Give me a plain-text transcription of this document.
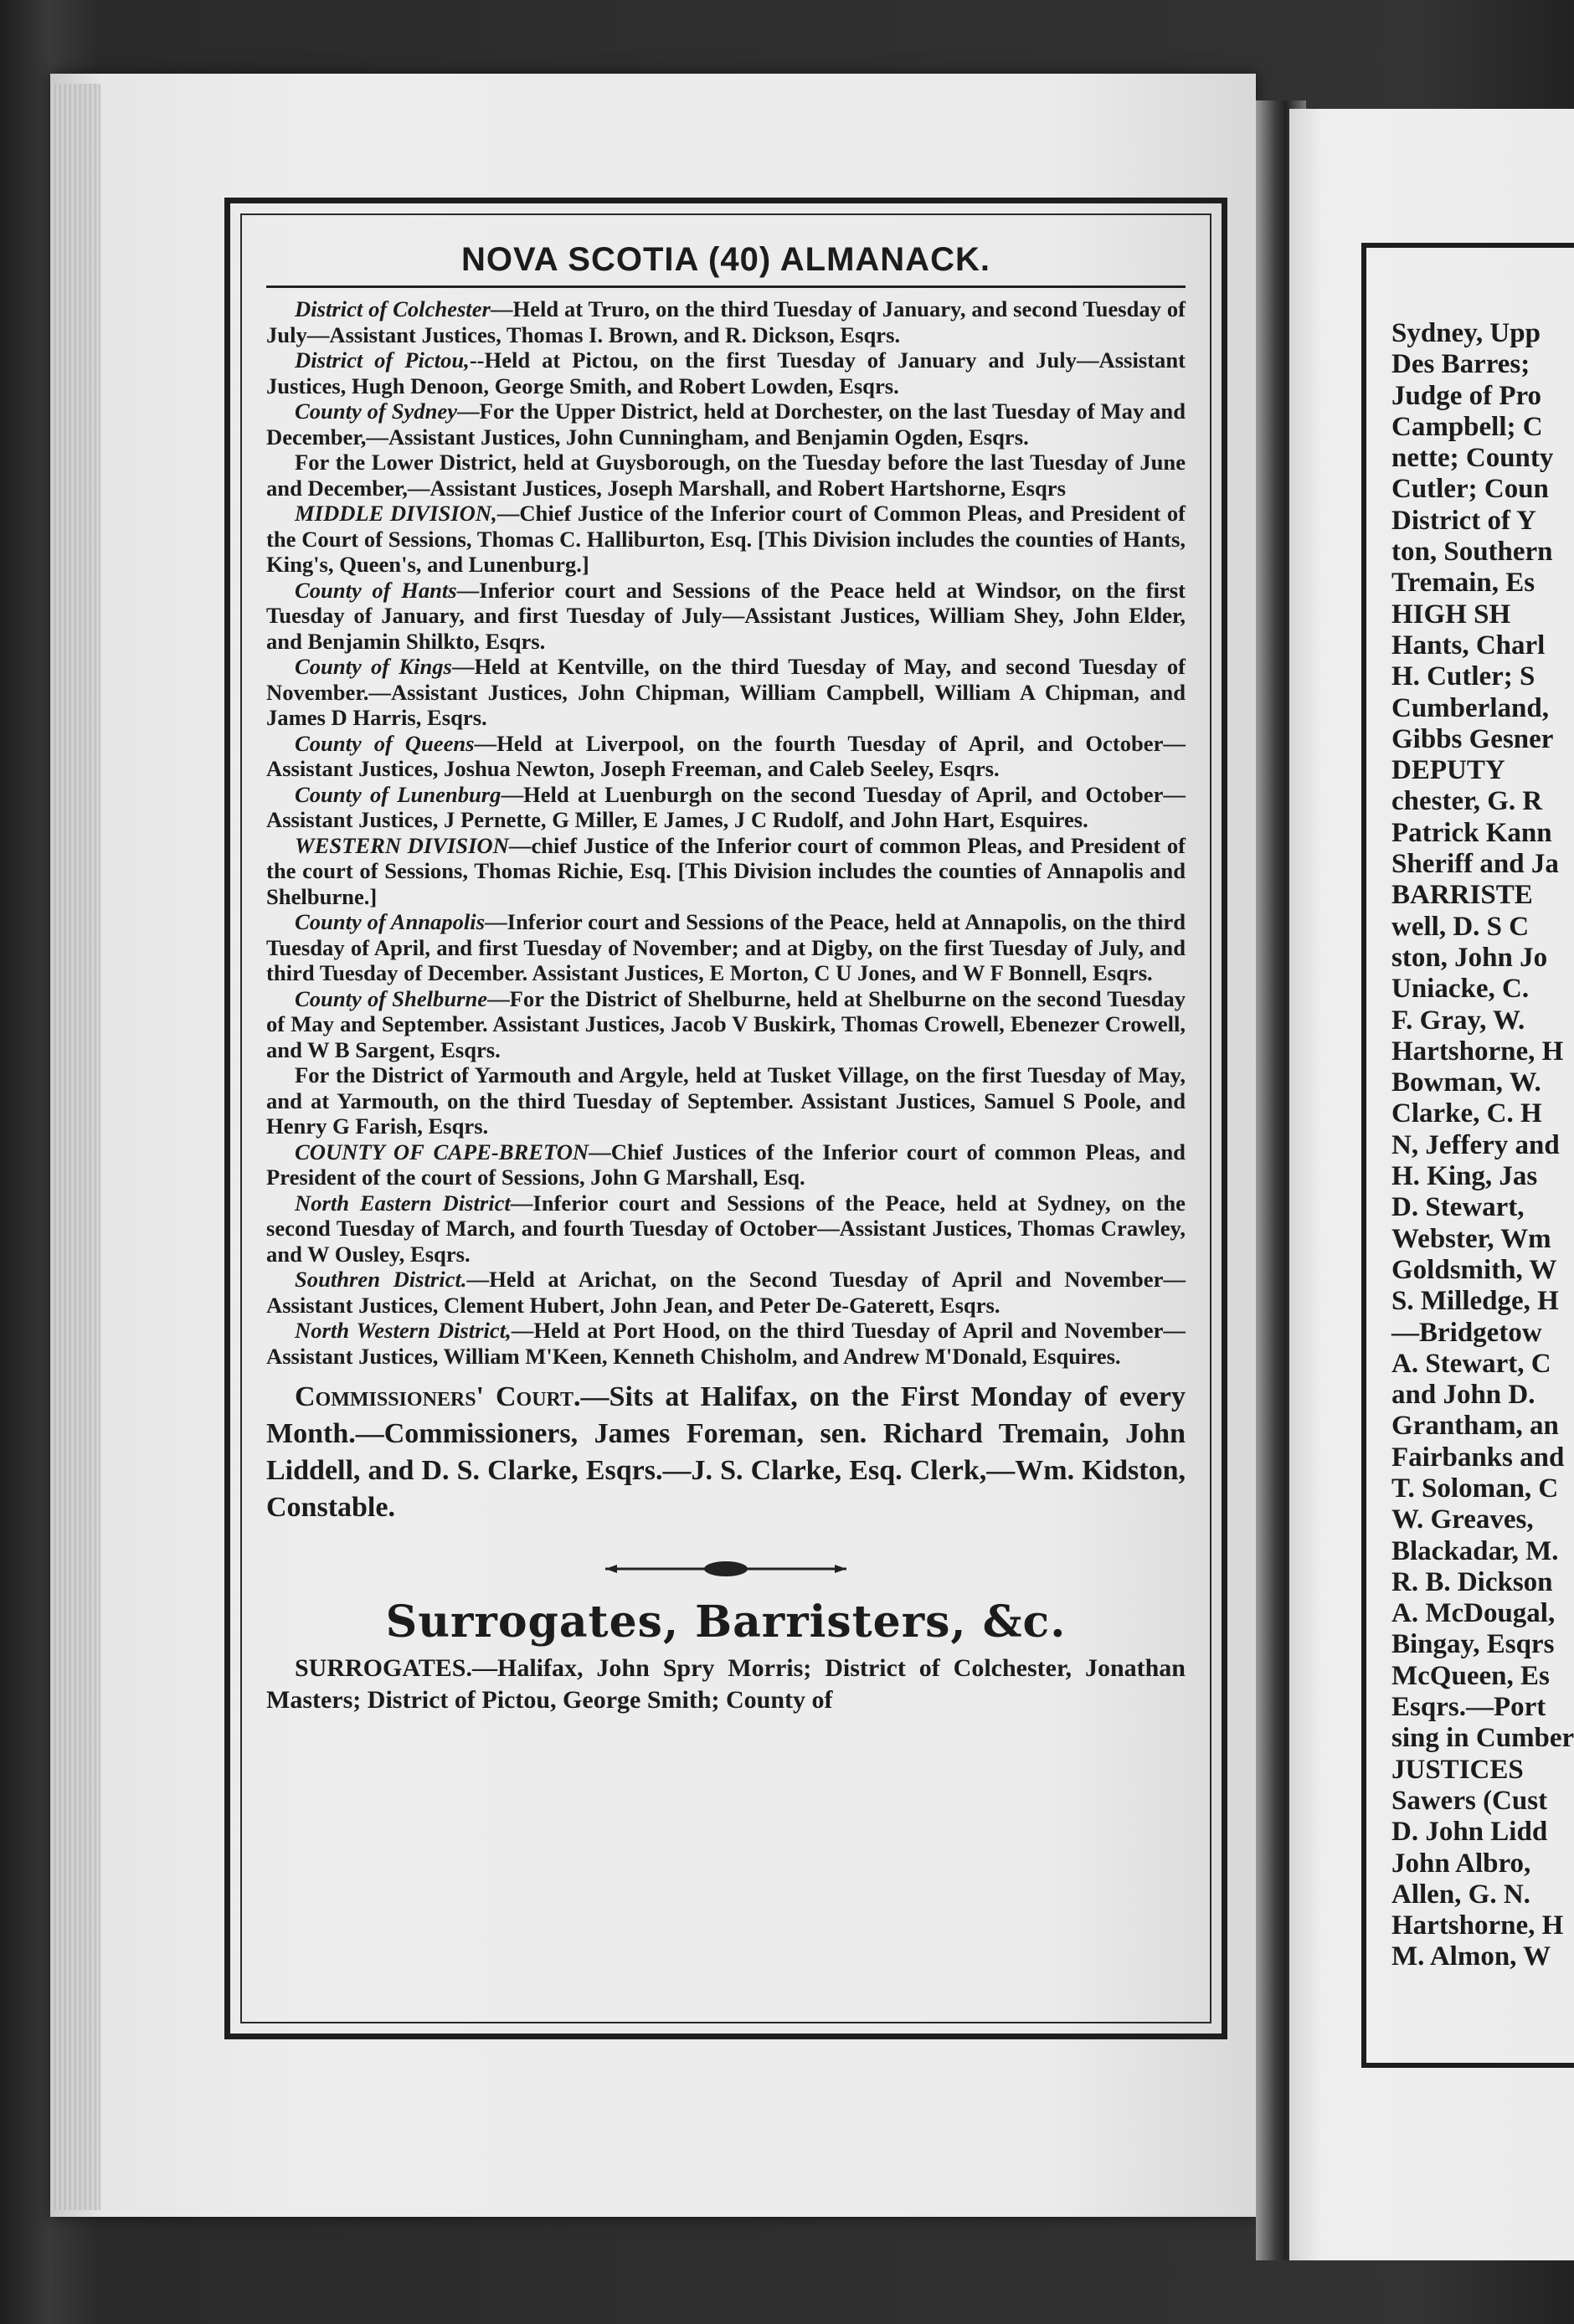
Sydney, Upp
Des Barres;
Judge of Pro
Campbell; C
nette; County
Cutler; Coun
District of Y
ton, Southern
Tremain, Es
HIGH SH
Hants, Charl
H. Cutler; S
Cumberland,
Gibbs Gesner
DEPUTY
chester, G. R
Patrick Kann
Sheriff and Ja
BARRISTE
well, D. S C
ston, John Jo
Uniacke, C.
F. Gray, W.
Hartshorne, H
Bowman, W.
Clarke, C. H
N, Jeffery and
H. King, Jas
D. Stewart,
Webster, Wm
Goldsmith, W
S. Milledge, H
—Bridgetow
A. Stewart, C
and John D.
Grantham, an
Fairbanks and
T. Soloman, C
W. Greaves,
Blackadar, M.
R. B. Dickson
A. McDougal,
Bingay, Esqrs
McQueen, Es
Esqrs.—Port
sing in Cumber
JUSTICES
Sawers (Cust
D. John Lidd
John Albro,
Allen, G. N.
Hartshorne, H
M. Almon, W
NOVA SCOTIA (40) ALMANACK.

District of Colchester—Held at Truro, on the third Tuesday of January, and second Tuesday of July—Assistant Justices, Thomas I. Brown, and R. Dickson, Esqrs.

District of Pictou,--Held at Pictou, on the first Tuesday of January and July—Assistant Justices, Hugh Denoon, George Smith, and Robert Lowden, Esqrs.

County of Sydney—For the Upper District, held at Dorchester, on the last Tuesday of May and December,—Assistant Justices, John Cunningham, and Benjamin Ogden, Esqrs.

For the Lower District, held at Guysborough, on the Tuesday before the last Tuesday of June and December,—Assistant Justices, Joseph Marshall, and Robert Hartshorne, Esqrs

MIDDLE DIVISION,—Chief Justice of the Inferior court of Common Pleas, and President of the Court of Sessions, Thomas C. Halliburton, Esq. [This Division includes the counties of Hants, King's, Queen's, and Lunenburg.]

County of Hants—Inferior court and Sessions of the Peace held at Windsor, on the first Tuesday of January, and first Tuesday of July—Assistant Justices, William Shey, John Elder, and Benjamin Shilkto, Esqrs.

County of Kings—Held at Kentville, on the third Tuesday of May, and second Tuesday of November.—Assistant Justices, John Chipman, William Campbell, William A Chipman, and James D Harris, Esqrs.

County of Queens—Held at Liverpool, on the fourth Tuesday of April, and October—Assistant Justices, Joshua Newton, Joseph Freeman, and Caleb Seeley, Esqrs.

County of Lunenburg—Held at Luenburgh on the second Tuesday of April, and October—Assistant Justices, J Pernette, G Miller, E James, J C Rudolf, and John Hart, Esquires.

WESTERN DIVISION—chief Justice of the Inferior court of common Pleas, and President of the court of Sessions, Thomas Richie, Esq. [This Division includes the counties of Annapolis and Shelburne.]

County of Annapolis—Inferior court and Sessions of the Peace, held at Annapolis, on the third Tuesday of April, and first Tuesday of November; and at Digby, on the first Tuesday of July, and third Tuesday of December. Assistant Justices, E Morton, C U Jones, and W F Bonnell, Esqrs.

County of Shelburne—For the District of Shelburne, held at Shelburne on the second Tuesday of May and September. Assistant Justices, Jacob V Buskirk, Thomas Crowell, Ebenezer Crowell, and W B Sargent, Esqrs.

For the District of Yarmouth and Argyle, held at Tusket Village, on the first Tuesday of May, and at Yarmouth, on the third Tuesday of September. Assistant Justices, Samuel S Poole, and Henry G Farish, Esqrs.

COUNTY OF CAPE-BRETON—Chief Justices of the Inferior court of common Pleas, and President of the court of Sessions, John G Marshall, Esq.

North Eastern District—Inferior court and Sessions of the Peace, held at Sydney, on the second Tuesday of March, and fourth Tuesday of October—Assistant Justices, Thomas Crawley, and W Ousley, Esqrs.

Southren District.—Held at Arichat, on the Second Tuesday of April and November—Assistant Justices, Clement Hubert, John Jean, and Peter De-Gaterett, Esqrs.

North Western District,—Held at Port Hood, on the third Tuesday of April and November—Assistant Justices, William M'Keen, Kenneth Chisholm, and Andrew M'Donald, Esquires.

Commissioners' Court.—Sits at Halifax, on the First Monday of every Month.—Commissioners, James Foreman, sen. Richard Tremain, John Liddell, and D. S. Clarke, Esqrs.—J. S. Clarke, Esq. Clerk,—Wm. Kidston, Constable.

Surrogates, Barristers, &c.

SURROGATES.—Halifax, John Spry Morris; District of Colchester, Jonathan Masters; District of Pictou, George Smith; County of
